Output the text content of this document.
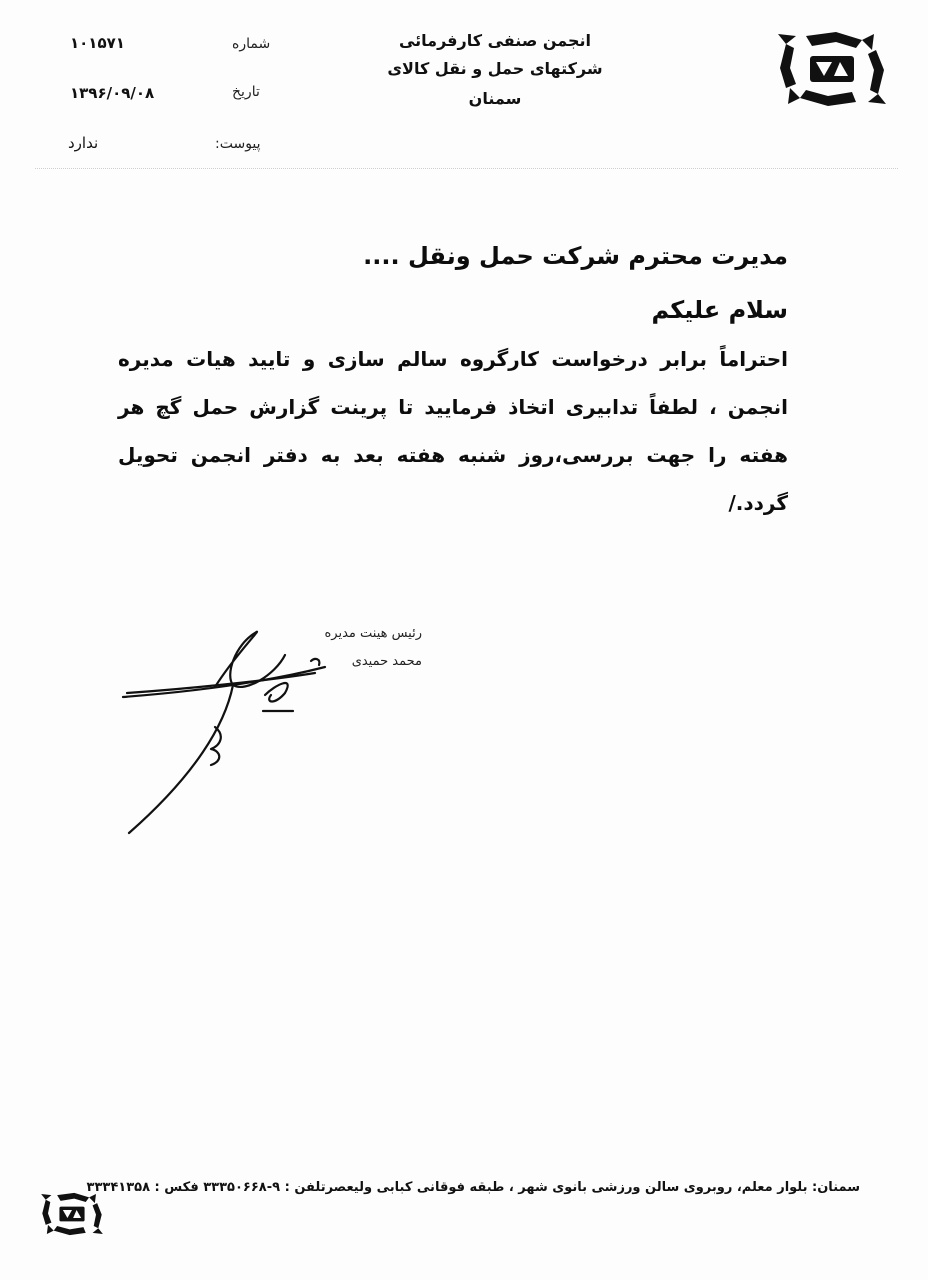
انجمن صنفی کارفرمائی
شرکتهای حمل و نقل کالای سمنان
شماره
۱۰۱۵۷۱
تاریخ
۱۳۹۶/۰۹/۰۸
پیوست:
ندارد
مدیرت محترم شرکت حمل ونقل ....
سلام علیکم
احتراماً برابر درخواست کارگروه سالم سازی و تایید هیات مدیره انجمن ، لطفاً تدابیری اتخاذ فرمایید تا پرینت گزارش حمل گچ هر هفته را جهت بررسی،روز شنبه هفته بعد به دفتر انجمن تحویل گردد./
رئیس هینت مدیره
محمد حمیدی
سمنان: بلوار معلم، روبروی سالن ورزشی بانوی شهر ، طبقه فوقانی کبابی ولیعصرتلفن : ۹-۳۳۳۵۰۶۶۸ فکس : ۳۳۳۴۱۳۵۸
